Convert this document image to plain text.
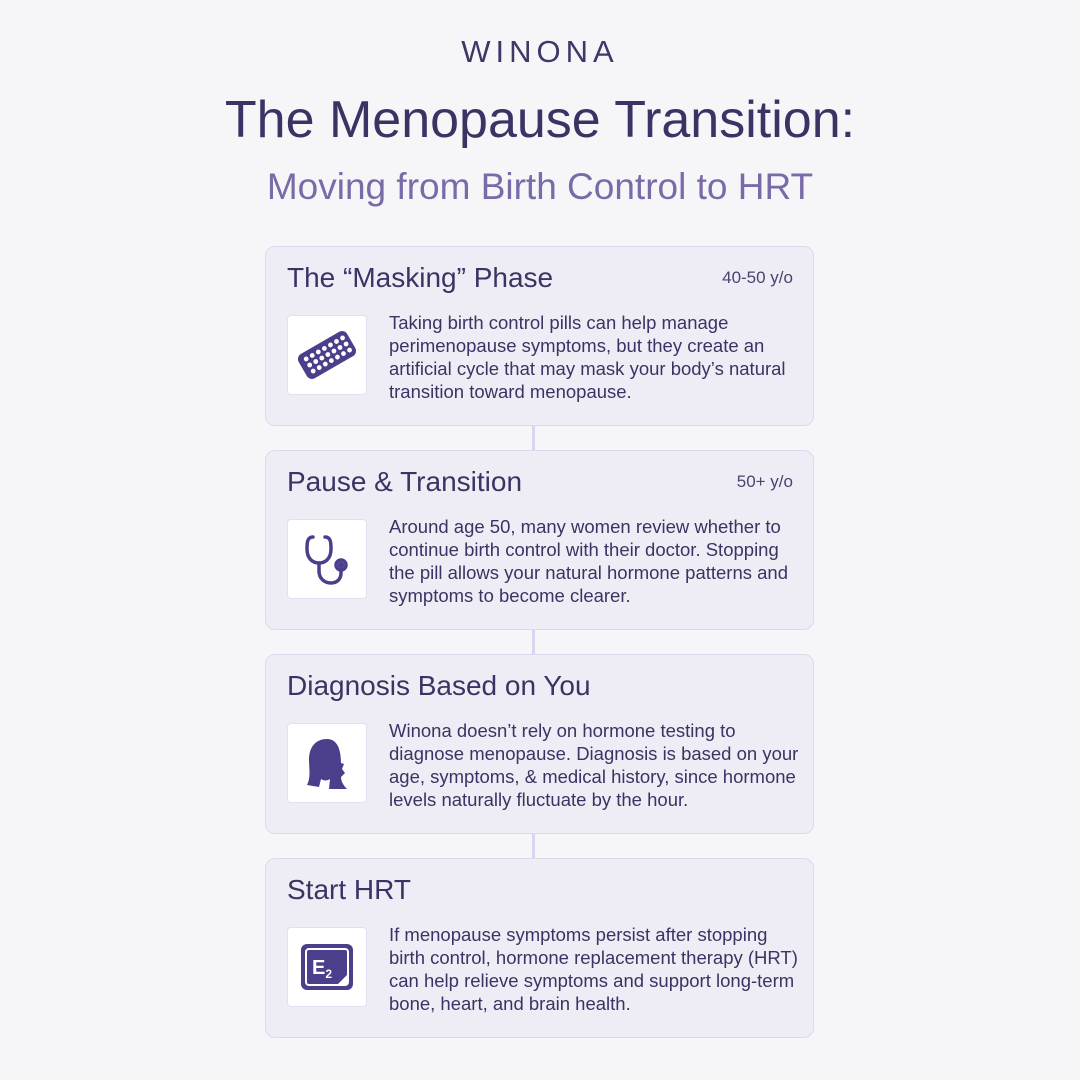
WINONA
The Menopause Transition:
Moving from Birth Control to HRT
The “Masking” Phase	40-50 y/o
Taking birth control pills can help manage perimenopause symptoms, but they create an artificial cycle that may mask your body’s natural transition toward menopause.
Pause & Transition	50+ y/o
Around age 50, many women review whether to continue birth control with their doctor. Stopping the pill allows your natural hormone patterns and symptoms to become clearer.
Diagnosis Based on You
Winona doesn’t rely on hormone testing to diagnose menopause. Diagnosis is based on your age, symptoms, & medical history, since hormone levels naturally fluctuate by the hour.
Start HRT
$E_2$
If menopause symptoms persist after stopping birth control, hormone replacement therapy (HRT) can help relieve symptoms and support long-term bone, heart, and brain health.
